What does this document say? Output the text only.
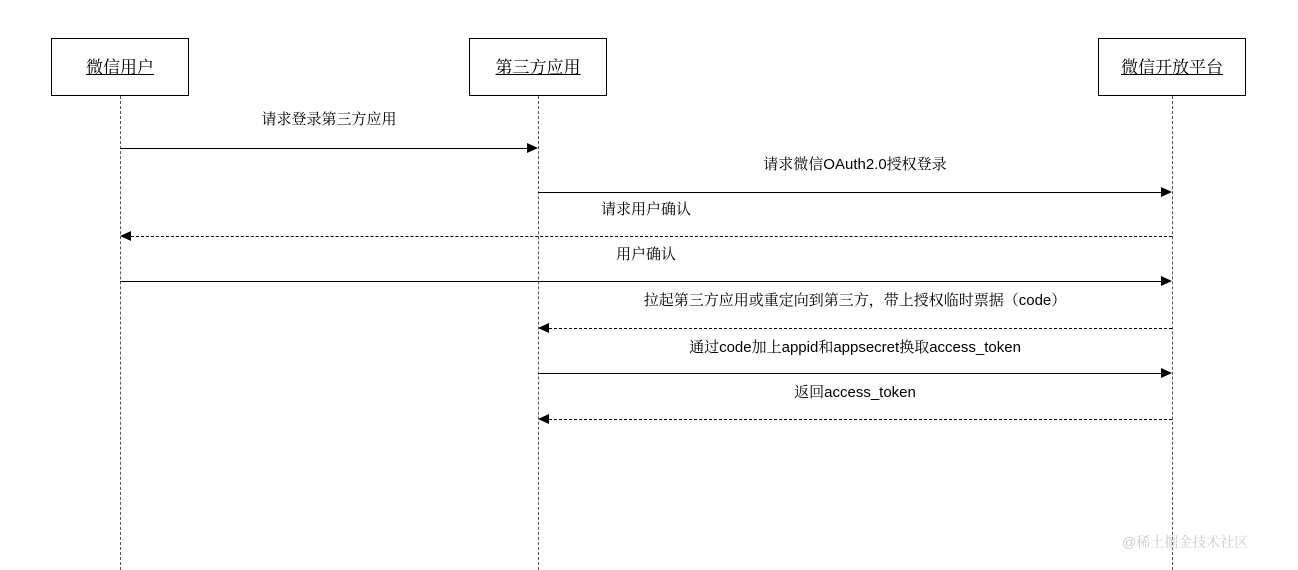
微信用户	第三方应用	微信开放平台
请求登录第三方应用
请求微信OAuth2.0授权登录
请求用户确认
用户确认
拉起第三方应用或重定向到第三方，带上授权临时票据（code）
通过code加上appid和appsecret换取access_token
返回access_token
@稀土掘金技术社区
